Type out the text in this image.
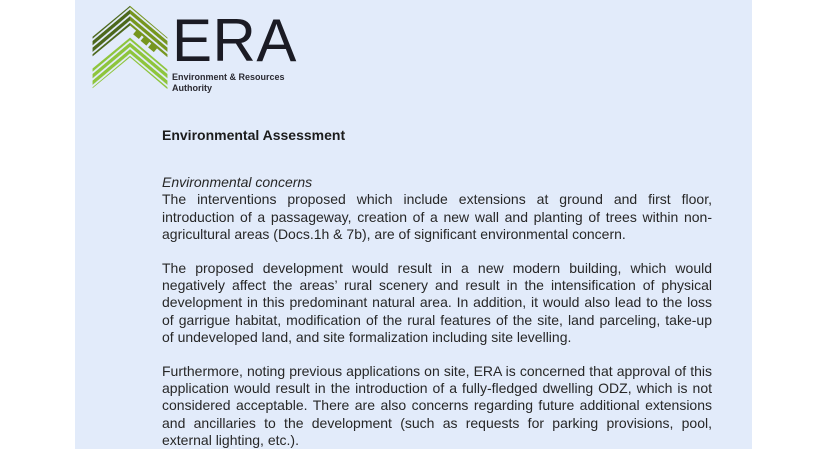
ERA
Environment & Resources
Authority
Environmental Assessment
Environmental concerns

The interventions proposed which include extensions at ground and first floor, introduction of a passageway, creation of a new wall and planting of trees within non-agricultural areas (Docs.1h & 7b), are of significant environmental concern.

The proposed development would result in a new modern building, which would negatively affect the areas’ rural scenery and result in the intensification of physical development in this predominant natural area. In addition, it would also lead to the loss of garrigue habitat, modification of the rural features of the site, land parceling, take-up of undeveloped land, and site formalization including site levelling.

Furthermore, noting previous applications on site, ERA is concerned that approval of this application would result in the introduction of a fully-fledged dwelling ODZ, which is not considered acceptable. There are also concerns regarding future additional extensions and ancillaries to the development (such as requests for parking provisions, pool, external lighting, etc.).
